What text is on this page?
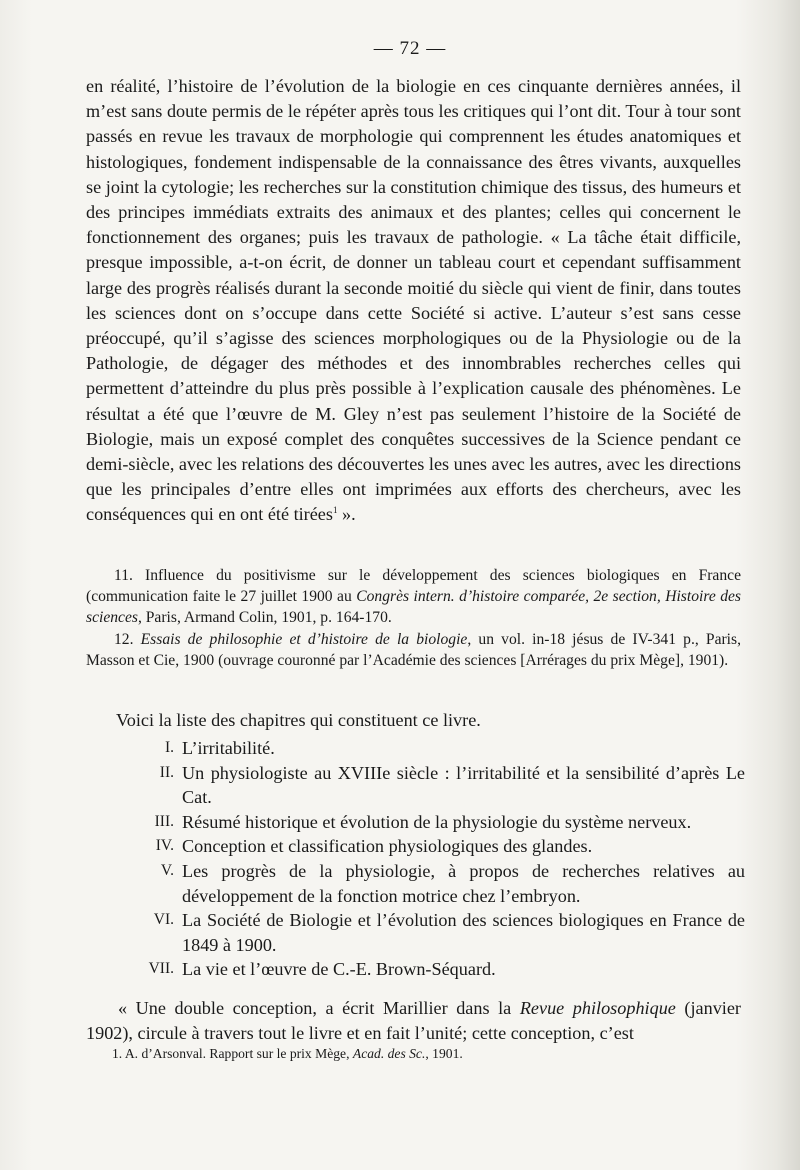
— 72 —

en réalité, l’histoire de l’évolution de la biologie en ces cinquante dernières années, il m’est sans doute permis de le répéter après tous les critiques qui l’ont dit. Tour à tour sont passés en revue les travaux de morphologie qui comprennent les études anatomiques et histologiques, fondement indispensable de la connaissance des êtres vivants, auxquelles se joint la cytologie; les recherches sur la constitution chimique des tissus, des humeurs et des principes immédiats extraits des animaux et des plantes; celles qui concernent le fonctionnement des organes; puis les travaux de pathologie. « La tâche était difficile, presque impossible, a-t-on écrit, de donner un tableau court et cependant suffisamment large des progrès réalisés durant la seconde moitié du siècle qui vient de finir, dans toutes les sciences dont on s’occupe dans cette Société si active. L’auteur s’est sans cesse préoccupé, qu’il s’agisse des sciences morphologiques ou de la Physiologie ou de la Pathologie, de dégager des méthodes et des innombrables recherches celles qui permettent d’atteindre du plus près possible à l’explication causale des phénomènes. Le résultat a été que l’œuvre de M. Gley n’est pas seulement l’histoire de la Société de Biologie, mais un exposé complet des conquêtes successives de la Science pendant ce demi-siècle, avec les relations des découvertes les unes avec les autres, avec les directions que les principales d’entre elles ont imprimées aux efforts des chercheurs, avec les conséquences qui en ont été tirées$^1$ ».

11. Influence du positivisme sur le développement des sciences biologiques en France (communication faite le 27 juillet 1900 au Congrès intern. d’histoire comparée, 2e section, Histoire des sciences, Paris, Armand Colin, 1901, p. 164-170.

12. Essais de philosophie et d’histoire de la biologie, un vol. in-18 jésus de IV-341 p., Paris, Masson et Cie, 1900 (ouvrage couronné par l’Académie des sciences [Arrérages du prix Mège], 1901).

Voici la liste des chapitres qui constituent ce livre.
I. L’irritabilité.
II. Un physiologiste au XVIIIe siècle : l’irritabilité et la sensibilité d’après Le Cat.
III. Résumé historique et évolution de la physiologie du système nerveux.
IV. Conception et classification physiologiques des glandes.
V. Les progrès de la physiologie, à propos de recherches relatives au développement de la fonction motrice chez l’embryon.
VI. La Société de Biologie et l’évolution des sciences biologiques en France de 1849 à 1900.
VII. La vie et l’œuvre de C.-E. Brown-Séquard.

« Une double conception, a écrit Marillier dans la Revue philosophique (janvier 1902), circule à travers tout le livre et en fait l’unité; cette conception, c’est

1. A. d’Arsonval. Rapport sur le prix Mège, Acad. des Sc., 1901.
